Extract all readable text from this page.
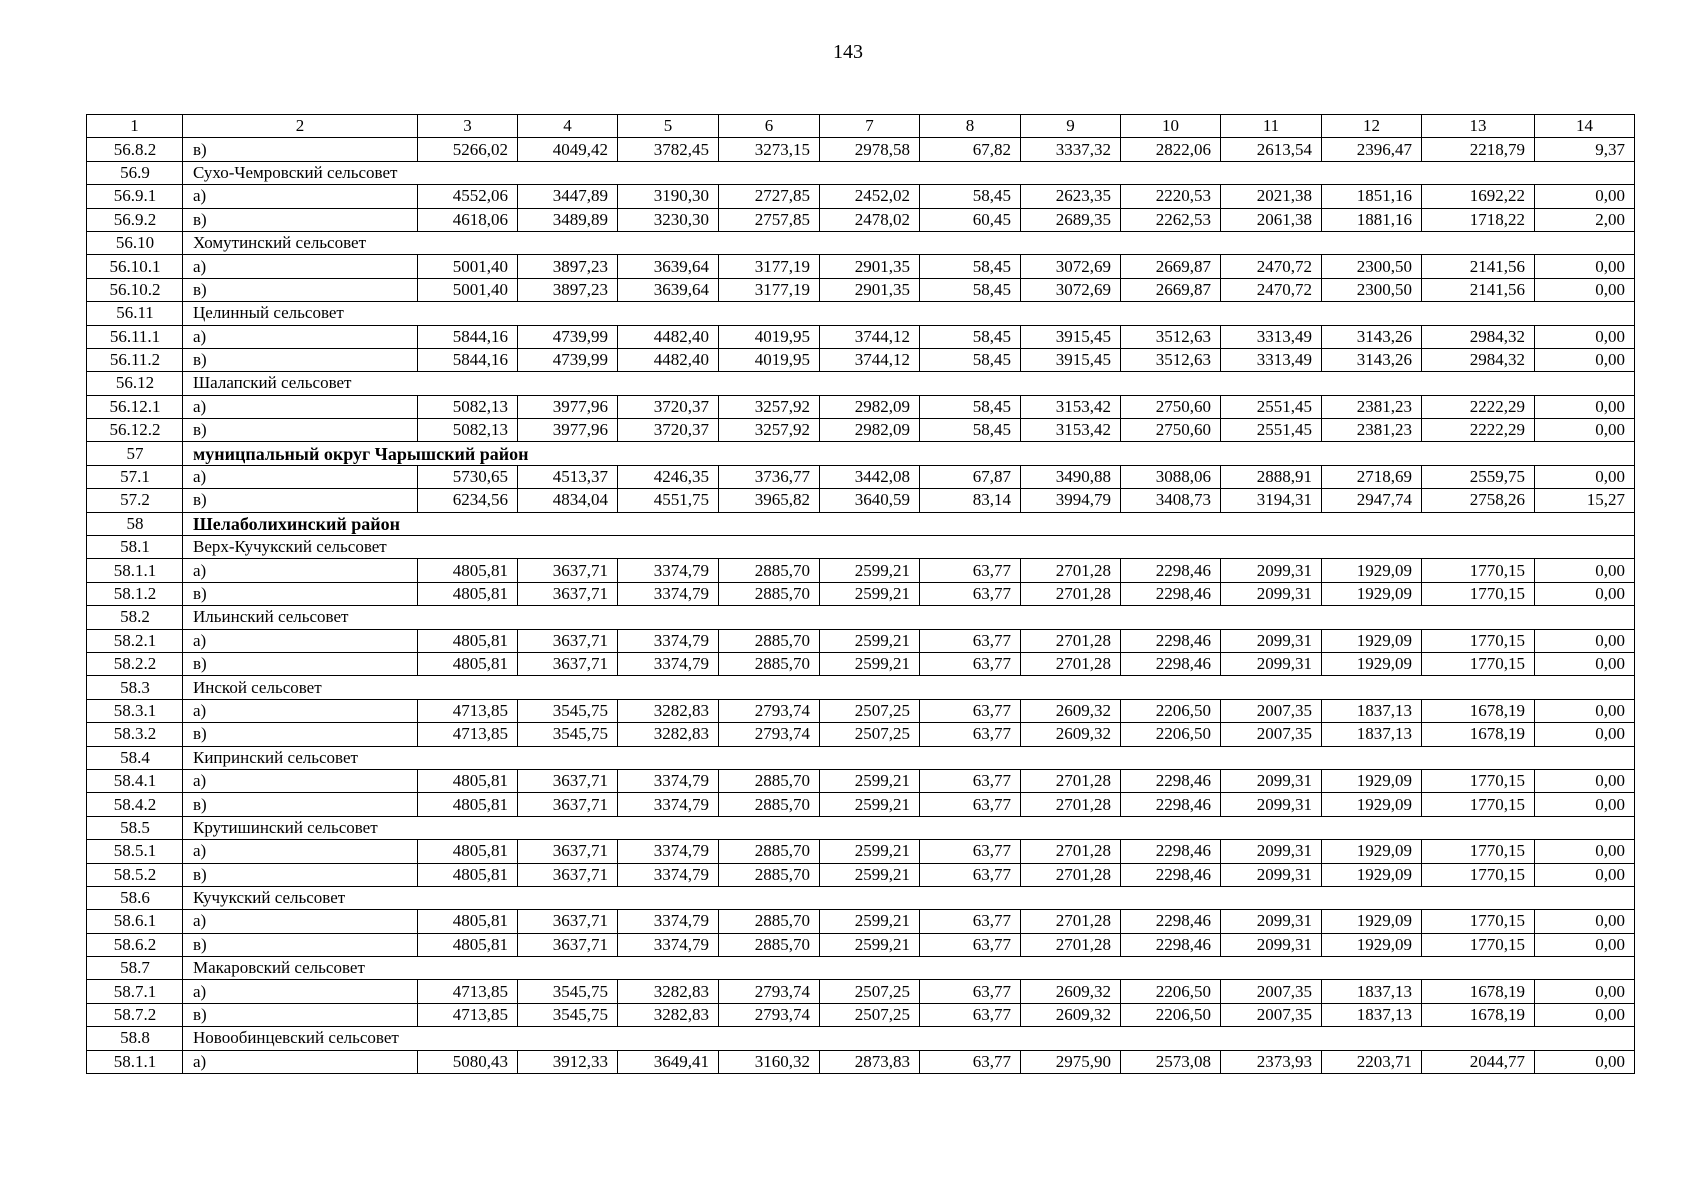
143
1	2	3	4	5	6	7	8	9	10	11	12	13	14
56.8.2	в)	5266,02	4049,42	3782,45	3273,15	2978,58	67,82	3337,32	2822,06	2613,54	2396,47	2218,79	9,37
56.9	Сухо-Чемровский сельсовет												
56.9.1	а)	4552,06	3447,89	3190,30	2727,85	2452,02	58,45	2623,35	2220,53	2021,38	1851,16	1692,22	0,00
56.9.2	в)	4618,06	3489,89	3230,30	2757,85	2478,02	60,45	2689,35	2262,53	2061,38	1881,16	1718,22	2,00
56.10	Хомутинский сельсовет												
56.10.1	а)	5001,40	3897,23	3639,64	3177,19	2901,35	58,45	3072,69	2669,87	2470,72	2300,50	2141,56	0,00
56.10.2	в)	5001,40	3897,23	3639,64	3177,19	2901,35	58,45	3072,69	2669,87	2470,72	2300,50	2141,56	0,00
56.11	Целинный сельсовет												
56.11.1	а)	5844,16	4739,99	4482,40	4019,95	3744,12	58,45	3915,45	3512,63	3313,49	3143,26	2984,32	0,00
56.11.2	в)	5844,16	4739,99	4482,40	4019,95	3744,12	58,45	3915,45	3512,63	3313,49	3143,26	2984,32	0,00
56.12	Шалапский сельсовет												
56.12.1	а)	5082,13	3977,96	3720,37	3257,92	2982,09	58,45	3153,42	2750,60	2551,45	2381,23	2222,29	0,00
56.12.2	в)	5082,13	3977,96	3720,37	3257,92	2982,09	58,45	3153,42	2750,60	2551,45	2381,23	2222,29	0,00
57	муницпальный округ Чарышский район												
57.1	а)	5730,65	4513,37	4246,35	3736,77	3442,08	67,87	3490,88	3088,06	2888,91	2718,69	2559,75	0,00
57.2	в)	6234,56	4834,04	4551,75	3965,82	3640,59	83,14	3994,79	3408,73	3194,31	2947,74	2758,26	15,27
58	Шелаболихинский район												
58.1	Верх-Кучукский сельсовет												
58.1.1	а)	4805,81	3637,71	3374,79	2885,70	2599,21	63,77	2701,28	2298,46	2099,31	1929,09	1770,15	0,00
58.1.2	в)	4805,81	3637,71	3374,79	2885,70	2599,21	63,77	2701,28	2298,46	2099,31	1929,09	1770,15	0,00
58.2	Ильинский сельсовет												
58.2.1	а)	4805,81	3637,71	3374,79	2885,70	2599,21	63,77	2701,28	2298,46	2099,31	1929,09	1770,15	0,00
58.2.2	в)	4805,81	3637,71	3374,79	2885,70	2599,21	63,77	2701,28	2298,46	2099,31	1929,09	1770,15	0,00
58.3	Инской сельсовет												
58.3.1	а)	4713,85	3545,75	3282,83	2793,74	2507,25	63,77	2609,32	2206,50	2007,35	1837,13	1678,19	0,00
58.3.2	в)	4713,85	3545,75	3282,83	2793,74	2507,25	63,77	2609,32	2206,50	2007,35	1837,13	1678,19	0,00
58.4	Кипринский сельсовет												
58.4.1	а)	4805,81	3637,71	3374,79	2885,70	2599,21	63,77	2701,28	2298,46	2099,31	1929,09	1770,15	0,00
58.4.2	в)	4805,81	3637,71	3374,79	2885,70	2599,21	63,77	2701,28	2298,46	2099,31	1929,09	1770,15	0,00
58.5	Крутишинский сельсовет												
58.5.1	а)	4805,81	3637,71	3374,79	2885,70	2599,21	63,77	2701,28	2298,46	2099,31	1929,09	1770,15	0,00
58.5.2	в)	4805,81	3637,71	3374,79	2885,70	2599,21	63,77	2701,28	2298,46	2099,31	1929,09	1770,15	0,00
58.6	Кучукский сельсовет												
58.6.1	а)	4805,81	3637,71	3374,79	2885,70	2599,21	63,77	2701,28	2298,46	2099,31	1929,09	1770,15	0,00
58.6.2	в)	4805,81	3637,71	3374,79	2885,70	2599,21	63,77	2701,28	2298,46	2099,31	1929,09	1770,15	0,00
58.7	Макаровский сельсовет												
58.7.1	а)	4713,85	3545,75	3282,83	2793,74	2507,25	63,77	2609,32	2206,50	2007,35	1837,13	1678,19	0,00
58.7.2	в)	4713,85	3545,75	3282,83	2793,74	2507,25	63,77	2609,32	2206,50	2007,35	1837,13	1678,19	0,00
58.8	Новообинцевский сельсовет												
58.1.1	а)	5080,43	3912,33	3649,41	3160,32	2873,83	63,77	2975,90	2573,08	2373,93	2203,71	2044,77	0,00
